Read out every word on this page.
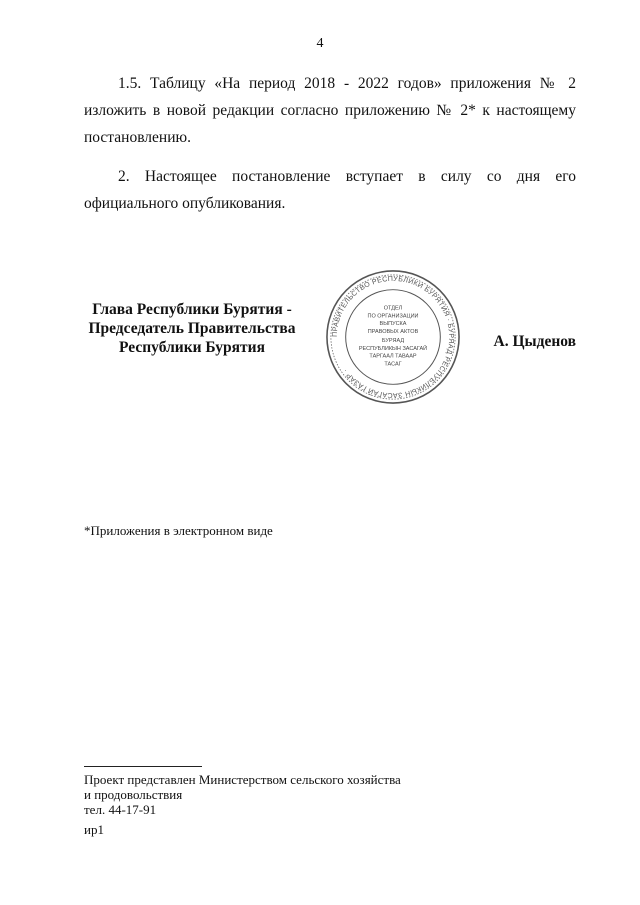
4

1.5. Таблицу «На период 2018 - 2022 годов» приложения № 2 изложить в новой редакции согласно приложению № 2* к настоящему постановлению.

2. Настоящее постановление вступает в силу со дня его официального опубликования.

Глава Республики Бурятия -
Председатель Правительства
Республики Бурятия
ПРАВИТЕЛЬСТВО РЕСПУБЛИКИ БУРЯТИЯ · БУРЯАД РЕСПУБЛИКЫН ЗАСАГАЙ ГАЗАР ·
ОТДЕЛ
ПО ОРГАНИЗАЦИИ
ВЫПУСКА
ПРАВОВЫХ АКТОВ
БУРЯАД
РЕСПУБЛИКЫН ЗАСАГАЙ
ТАРГААЛ ТАВААР
ТАСАГ
А. Цыденов
*Приложения в электронном виде
Проект представлен Министерством сельского хозяйства
и продовольствия
тел. 44-17-91
ир1
